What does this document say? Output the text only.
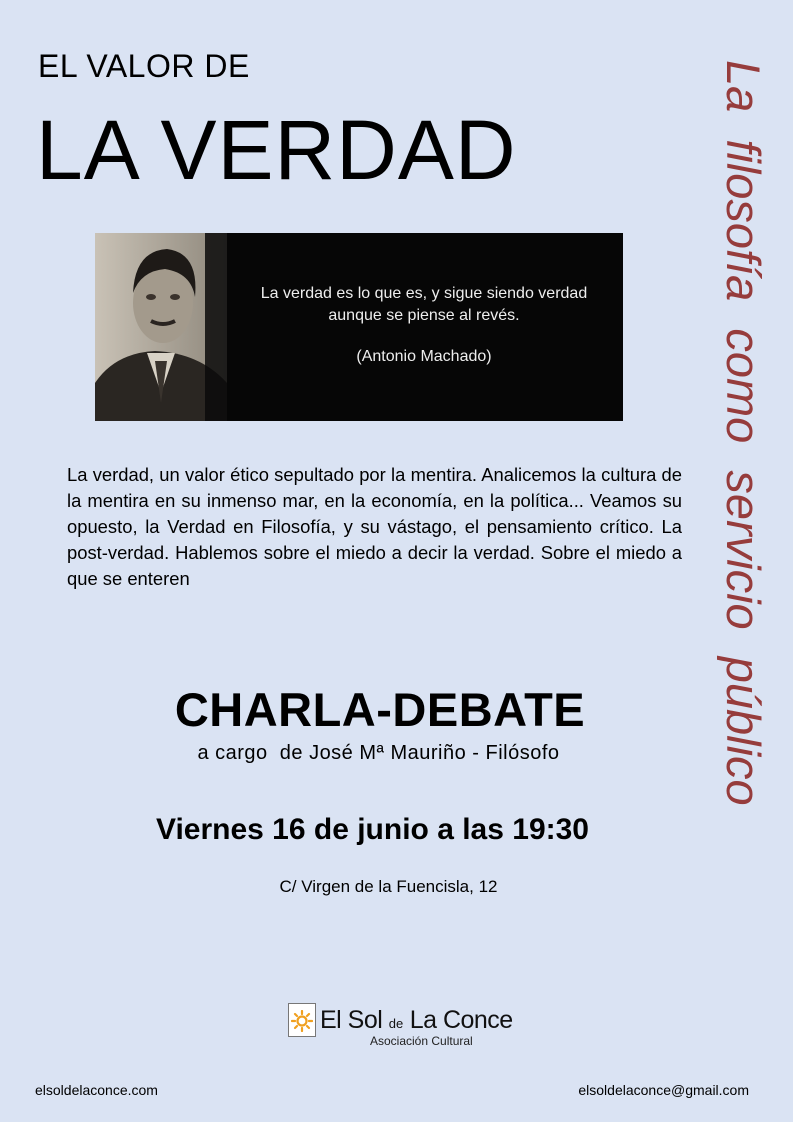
EL VALOR DE
LA VERDAD
La verdad es lo que es, y sigue siendo verdad
aunque se piense al revés.
(Antonio Machado)
La verdad, un valor ético sepultado por la mentira. Analicemos la cultura de la mentira en su inmenso mar, en la economía, en la política... Veamos su opuesto, la Verdad en Filosofía, y su vástago, el pensamiento crítico. La post-verdad. Hablemos sobre el miedo a decir la verdad. Sobre el miedo a que se enteren
CHARLA-DEBATE
a cargo  de José Mª Mauriño - Filósofo
Viernes 16 de junio a las 19:30
C/ Virgen de la Fuencisla, 12
La filosofía como servicio público
El Sol de La Conce
Asociación Cultural
elsoldelaconce.com	elsoldelaconce@gmail.com
